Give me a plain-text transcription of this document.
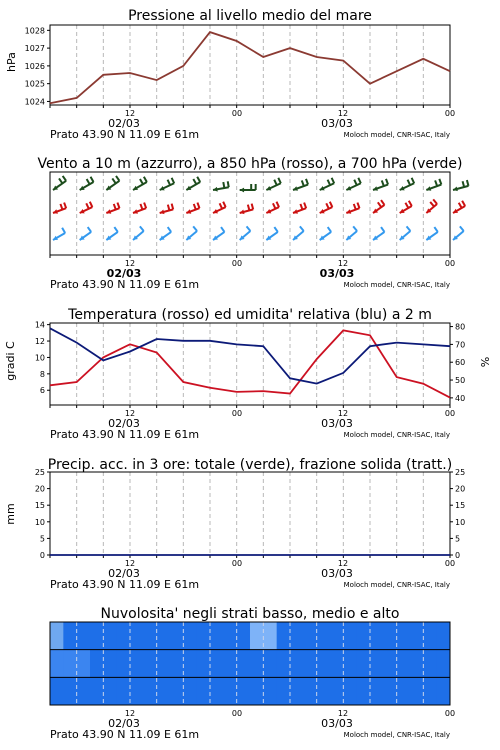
12
02/03
00	12
03/03
00
Prato 43.90 N 11.09 E 61m	Moloch model, CNR-ISAC, Italy
Pressione al livello medio del mare
hPa
1024
1025
1026
1027
1028
12
02/03
00	12
03/03
00
Prato 43.90 N 11.09 E 61m	Moloch model, CNR-ISAC, Italy
Vento a 10 m (azzurro), a 850 hPa (rosso), a 700 hPa (verde)
12
02/03
00	12
03/03
00
Prato 43.90 N 11.09 E 61m	Moloch model, CNR-ISAC, Italy
Temperatura (rosso) ed umidita' relativa (blu) a 2 m
gradi C	%
6
8
10
12
14
40
50
60
70
80
12
02/03
00	12
03/03
00
Prato 43.90 N 11.09 E 61m	Moloch model, CNR-ISAC, Italy
Precip. acc. in 3 ore: totale (verde), frazione solida (tratt.)
mm
0
5
10
15
20
25
0
5
10
15
20
25
12
02/03
00	12
03/03
00
Prato 43.90 N 11.09 E 61m	Moloch model, CNR-ISAC, Italy
Nuvolosita' negli strati basso, medio e alto
